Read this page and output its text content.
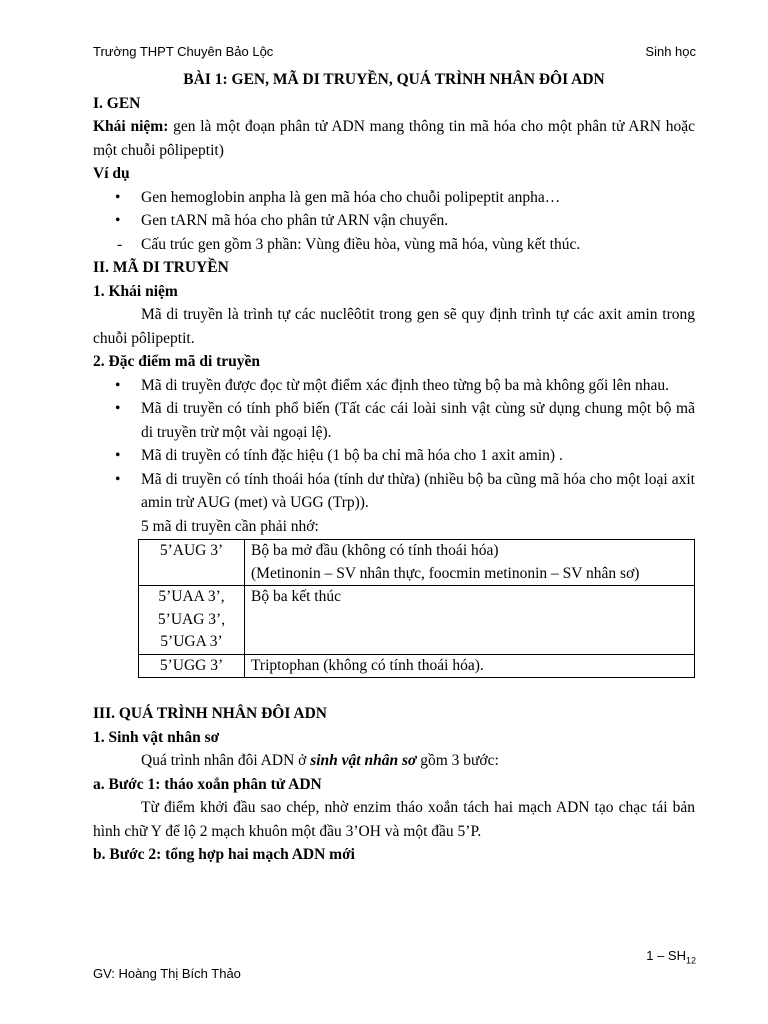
Trường THPT Chuyên Bảo Lộc	Sinh học

BÀI 1: GEN, MÃ DI TRUYỀN, QUÁ TRÌNH NHÂN ĐÔI ADN

I. GEN

Khái niệm: gen là một đoạn phân tử ADN mang thông tin mã hóa cho một phân tử ARN hoặc một chuỗi pôlipeptit)

Ví dụ

• Gen hemoglobin anpha là gen mã hóa cho chuỗi polipeptit anpha…
• Gen tARN mã hóa cho phân tử ARN vận chuyển.
- Cấu trúc gen gồm 3 phần: Vùng điều hòa, vùng mã hóa, vùng kết thúc.

II. MÃ DI TRUYỀN

1. Khái niệm

Mã di truyền là trình tự các nuclêôtit trong gen sẽ quy định trình tự các axit amin trong chuỗi pôlipeptit.

2. Đặc điểm mã di truyền

• Mã di truyền được đọc từ một điểm xác định theo từng bộ ba mà không gối lên nhau.
• Mã di truyền có tính phổ biến (Tất các cái loài sinh vật cùng sử dụng chung một bộ mã di truyền trừ một vài ngoại lệ).
• Mã di truyền có tính đặc hiệu (1 bộ ba chỉ mã hóa cho 1 axit amin) .
• Mã di truyền có tính thoái hóa (tính dư thừa) (nhiều bộ ba cũng mã hóa cho một loại axit amin trừ AUG (met) và UGG (Trp)).

5 mã di truyền cần phải nhớ:

5’AUG 3’	Bộ ba mở đầu (không có tính thoái hóa)
(Metinonin – SV nhân thực, foocmin metinonin – SV nhân sơ)

5’UAA 3’,
5’UAG 3’,
5’UGA 3’	Bộ ba kết thúc

5’UGG 3’	Triptophan (không có tính thoái hóa).

III. QUÁ TRÌNH NHÂN ĐÔI ADN

1. Sinh vật nhân sơ

Quá trình nhân đôi ADN ở sinh vật nhân sơ gồm 3 bước:

a. Bước 1: tháo xoắn phân tử ADN

Từ điểm khởi đầu sao chép, nhờ enzim tháo xoắn tách hai mạch ADN tạo chạc tái bản hình chữ Y để lộ 2 mạch khuôn một đầu 3’OH và một đầu 5’P.

b. Bước 2: tổng hợp hai mạch ADN mới

$1 - SH_{12}$
GV: Hoàng Thị Bích Thảo
